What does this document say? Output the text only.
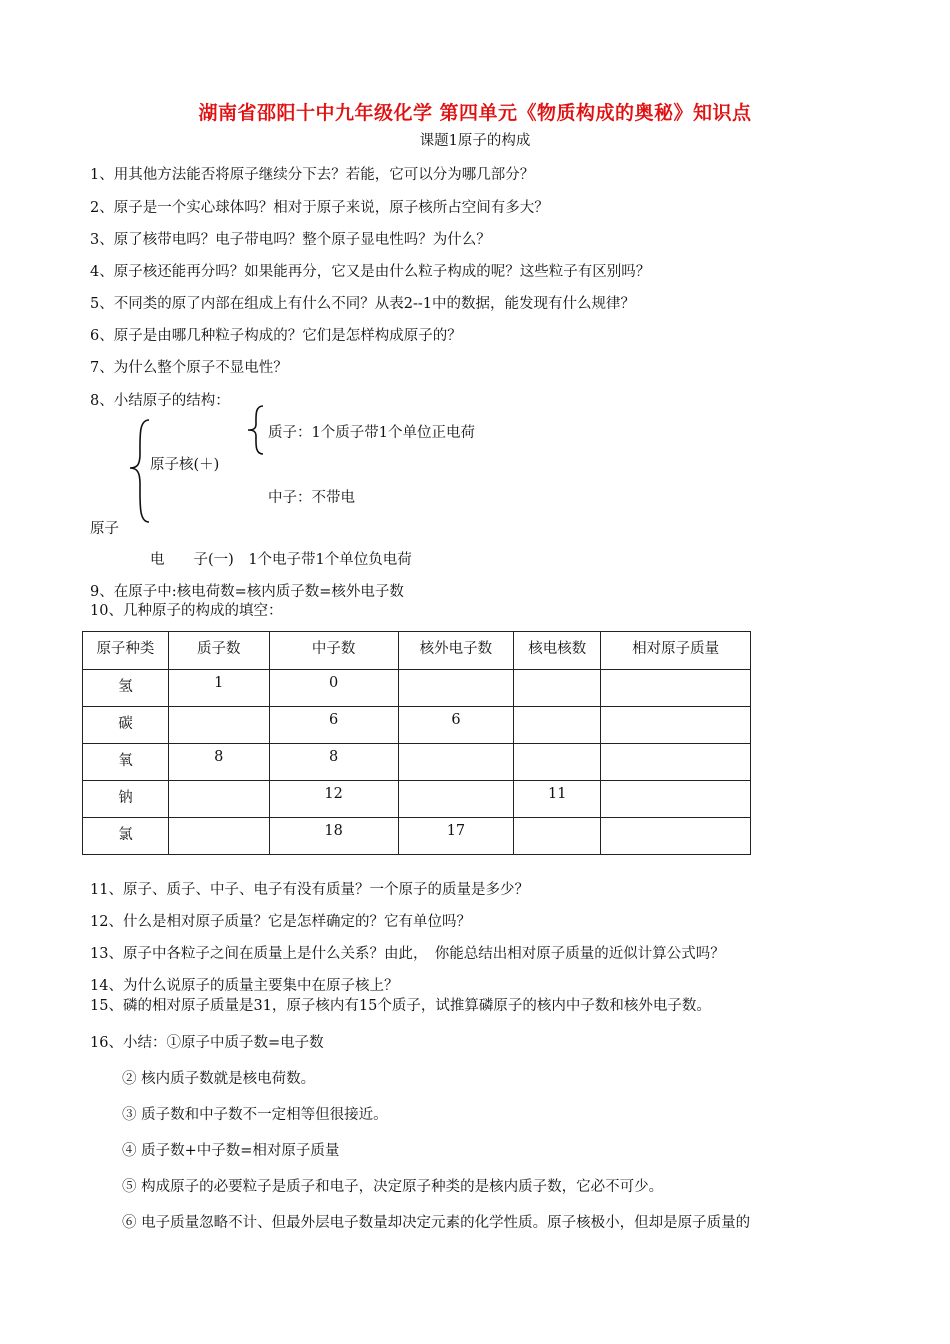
湖南省邵阳十中九年级化学 第四单元《物质构成的奥秘》知识点
课题1原子的构成
1、用其他方法能否将原子继续分下去？若能，它可以分为哪几部分？
2、原子是一个实心球体吗？相对于原子来说，原子核所占空间有多大？
3、原了核带电吗？电子带电吗？整个原子显电性吗？为什么？
4、原子核还能再分吗？如果能再分，它又是由什么粒子构成的呢？这些粒子有区别吗？
5、不同类的原了内部在组成上有什么不同？从表2--1中的数据，能发现有什么规律？
6、原子是由哪几种粒子构成的？它们是怎样构成原子的？
7、为什么整个原子不显电性？
8、小结原子的结构：
质子：1个质子带1个单位正电荷
原子核(＋)
中子：不带电
原子
电　　子(一)　1个电子带1个单位负电荷
9、在原子中:核电荷数=核内质子数=核外电子数
10、几种原子的构成的填空：
原子种类	质子数	中子数	核外电子数	核电核数	相对原子质量
氢	1	0			
碳		6	6		
氧	8	8			
钠		12		11	
氯		18	17		
11、原子、质子、中子、电子有没有质量？一个原子的质量是多少？
12、什么是相对原子质量？它是怎样确定的？它有单位吗？
13、原子中各粒子之间在质量上是什么关系？由此，　你能总结出相对原子质量的近似计算公式吗？
14、为什么说原子的质量主要集中在原子核上？
15、磷的相对原子质量是31，原子核内有15个质子，试推算磷原子的核内中子数和核外电子数。
16、小结：①原子中质子数=电子数
② 核内质子数就是核电荷数。
③ 质子数和中子数不一定相等但很接近。
④ 质子数+中子数=相对原子质量
⑤ 构成原子的必要粒子是质子和电子，决定原子种类的是核内质子数，它必不可少。
⑥ 电子质量忽略不计、但最外层电子数量却决定元素的化学性质。原子核极小，但却是原子质量的
